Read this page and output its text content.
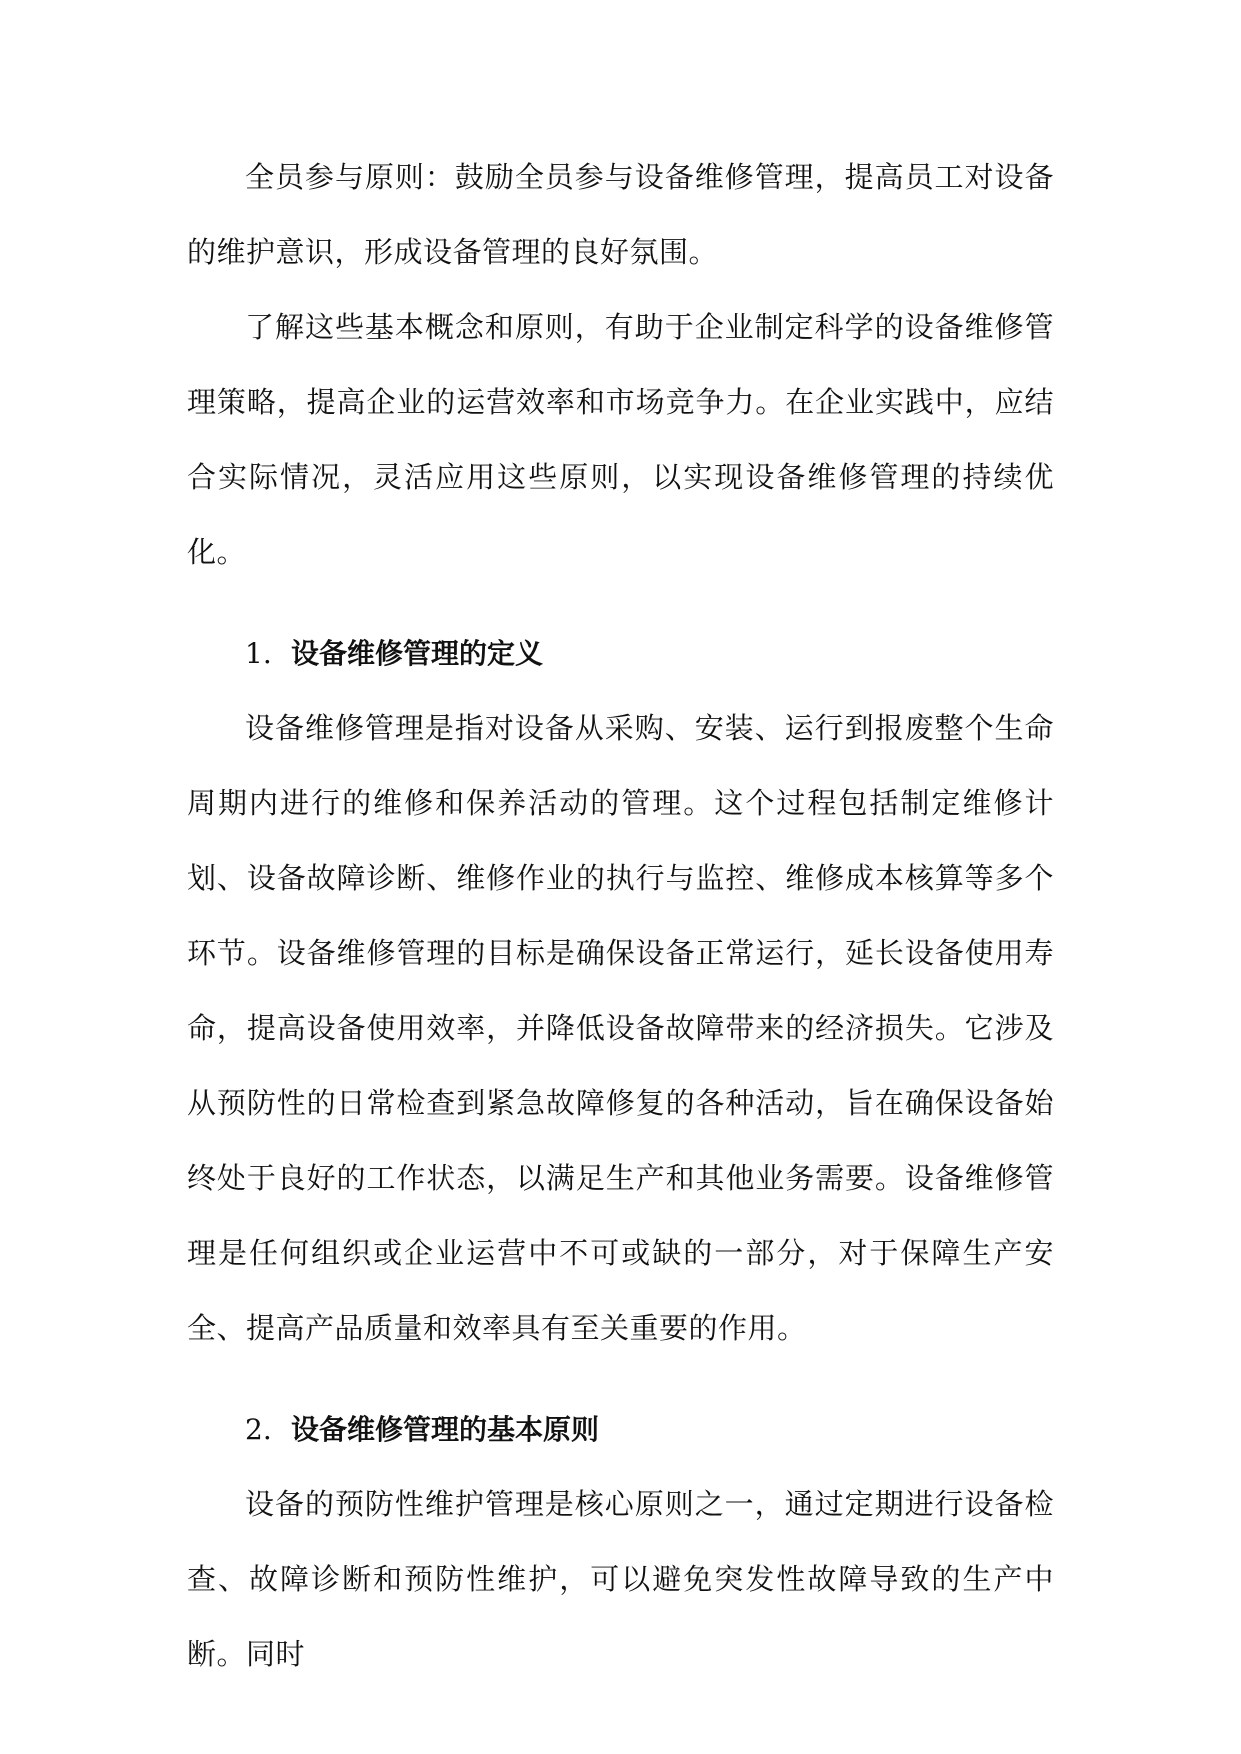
全员参与原则：鼓励全员参与设备维修管理，提高员工对设备的维护意识，形成设备管理的良好氛围。

了解这些基本概念和原则，有助于企业制定科学的设备维修管理策略，提高企业的运营效率和市场竞争力。在企业实践中，应结合实际情况，灵活应用这些原则，以实现设备维修管理的持续优化。

1. 设备维修管理的定义

设备维修管理是指对设备从采购、安装、运行到报废整个生命周期内进行的维修和保养活动的管理。这个过程包括制定维修计划、设备故障诊断、维修作业的执行与监控、维修成本核算等多个环节。设备维修管理的目标是确保设备正常运行，延长设备使用寿命，提高设备使用效率，并降低设备故障带来的经济损失。它涉及从预防性的日常检查到紧急故障修复的各种活动，旨在确保设备始终处于良好的工作状态，以满足生产和其他业务需要。设备维修管理是任何组织或企业运营中不可或缺的一部分，对于保障生产安全、提高产品质量和效率具有至关重要的作用。

2. 设备维修管理的基本原则

设备的预防性维护管理是核心原则之一，通过定期进行设备检查、故障诊断和预防性维护，可以避免突发性故障导致的生产中断。同时
